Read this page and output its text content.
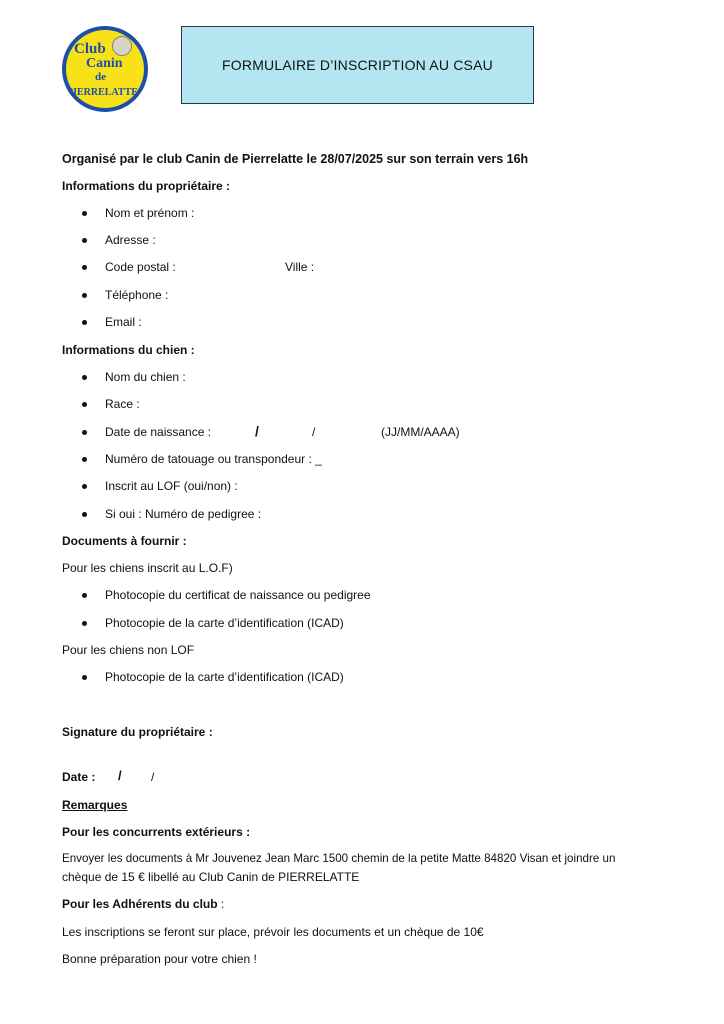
Club
Canin
de
PIERRELATTE
FORMULAIRE D’INSCRIPTION AU CSAU
Organisé par le club Canin de Pierrelatte le 28/07/2025 sur son terrain vers 16h
Informations du propriétaire :
Nom et prénom :
Adresse :
Code postal :	Ville :
Téléphone :
Email :
Informations du chien :
Nom du chien :
Race :
Date de naissance :	/	/	(JJ/MM/AAAA)
Numéro de tatouage ou transpondeur : _
Inscrit au LOF (oui/non) :
Si oui : Numéro de pedigree :
Documents à fournir :
Pour les chiens inscrit au L.O.F)
Photocopie du certificat de naissance ou pedigree
Photocopie de la carte d’identification (ICAD)
Pour les chiens non LOF
Photocopie de la carte d’identification (ICAD)
Signature du propriétaire :
Date : / /
Remarques
Pour les concurrents extérieurs :
Envoyer les documents à Mr Jouvenez Jean Marc 1500 chemin de la petite Matte 84820 Visan et joindre un
chèque de 15 € libellé au Club Canin de PIERRELATTE
Pour les Adhérents du club :
Les inscriptions se feront sur place, prévoir les documents et un chèque de 10€
Bonne préparation pour votre chien !
